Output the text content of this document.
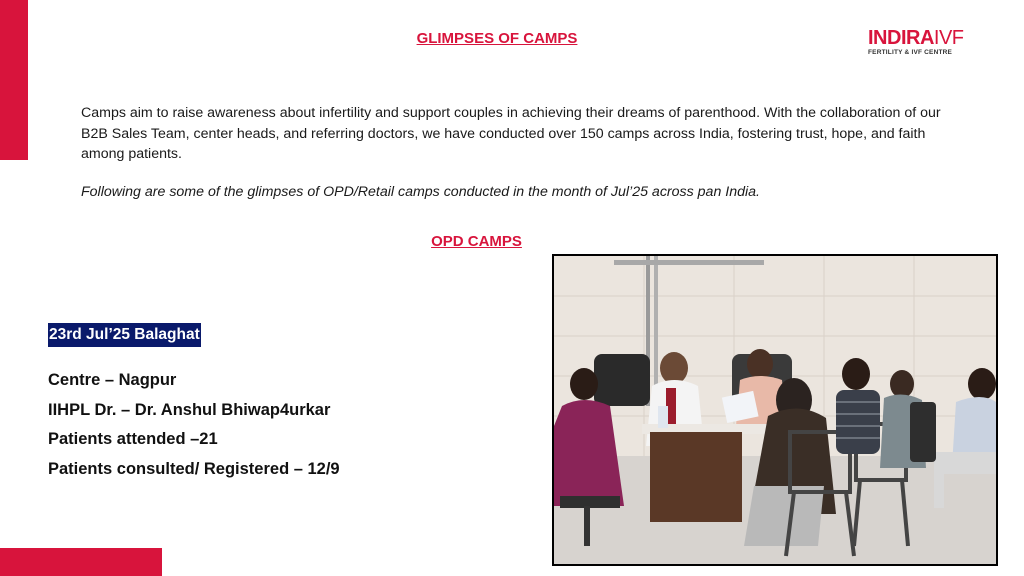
GLIMPSES OF CAMPS	INDIRAIVF
FERTILITY & IVF CENTRE
Camps aim to raise awareness about infertility and support couples in achieving their dreams of parenthood. With the collaboration of our B2B Sales Team, center heads, and referring doctors, we have conducted over 150 camps across India, fostering trust, hope, and faith among patients.
Following are some of the glimpses of OPD/Retail camps conducted in the month of Jul’25 across pan India.
OPD CAMPS
23rd Jul’25 Balaghat
Centre – Nagpur
IIHPL Dr. – Dr. Anshul Bhiwap4urkar
Patients attended –21
Patients consulted/ Registered – 12/9
